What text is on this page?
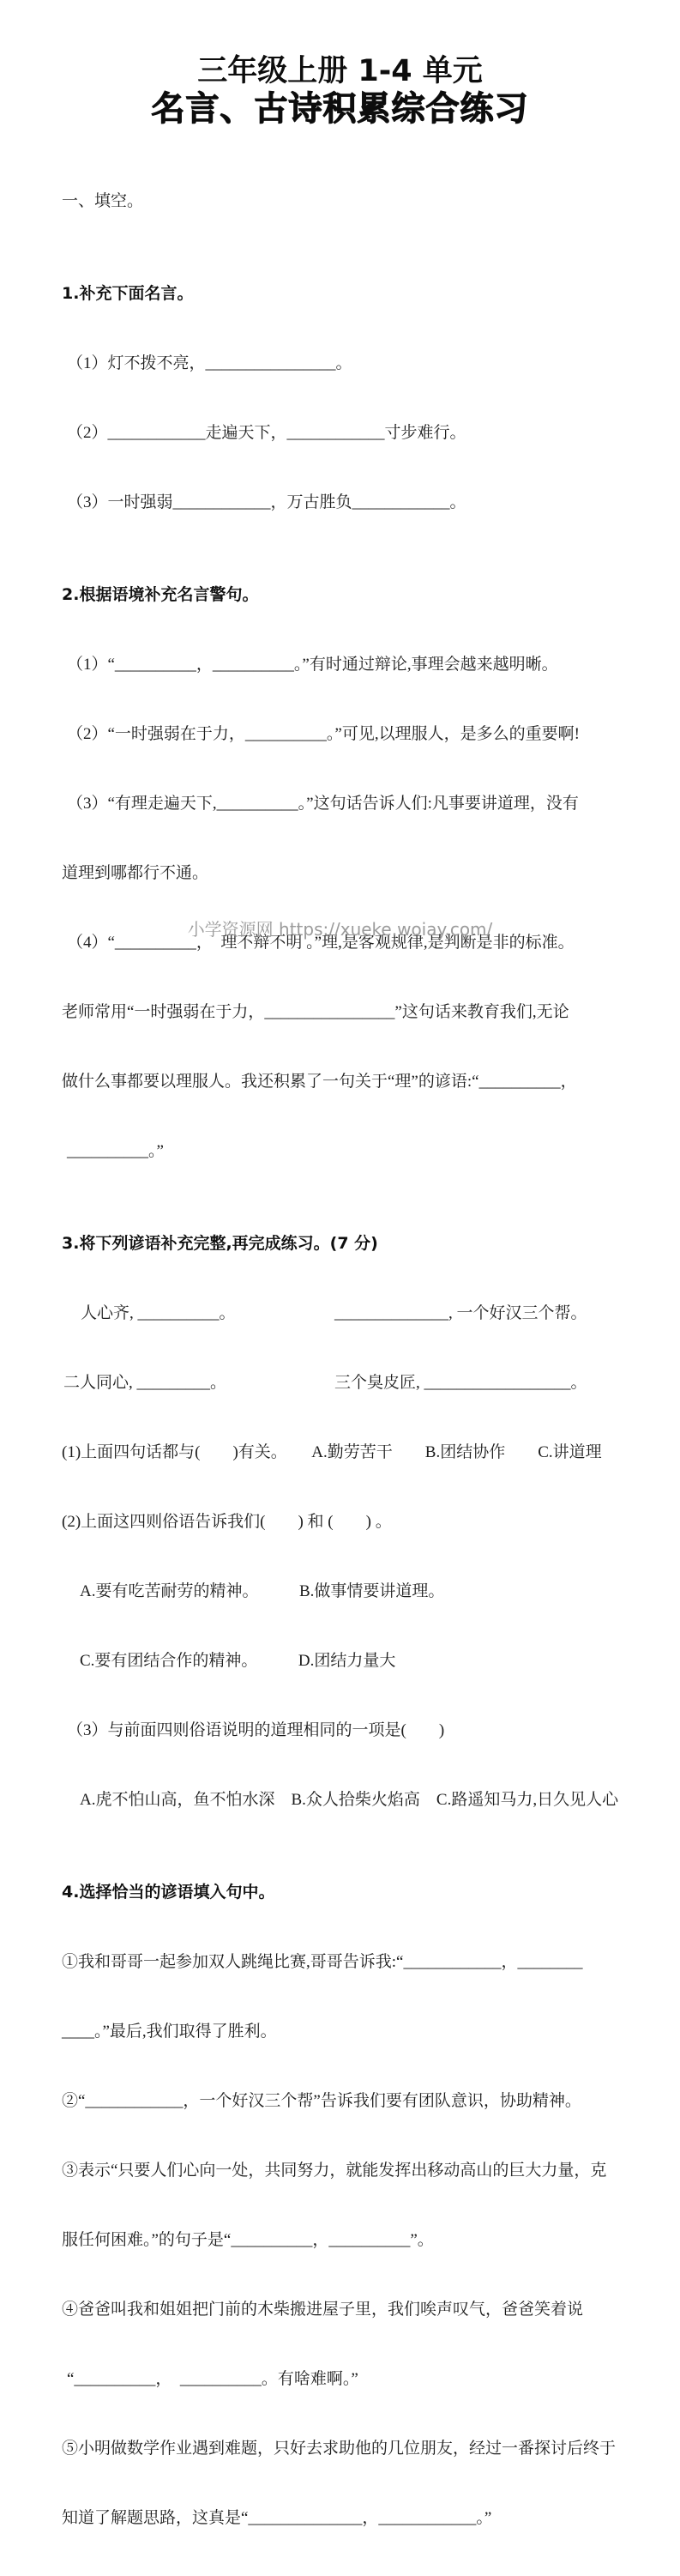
三年级上册 1-4 单元
名言、古诗积累综合练习

一、填空。

1.补充下面名言。

（1）灯不拨不亮，________________。

（2）____________走遍天下，____________寸步难行。

（3）一时强弱____________，万古胜负____________。

2.根据语境补充名言警句。

（1）“__________，__________。”有时通过辩论,事理会越来越明晰。

（2）“一时强弱在于力，__________。”可见,以理服人，是多么的重要啊!

（3）“有理走遍天下,__________。”这句话告诉人们:凡事要讲道理，没有

道理到哪都行不通。

（4）“__________，  理不辩不明 。”理,是客观规律,是判断是非的标准。

老师常用“一时强弱在于力，________________”这句话来教育我们,无论

做什么事都要以理服人。我还积累了一句关于“理”的谚语:“__________，

__________。”

3.将下列谚语补充完整,再完成练习。(7 分)

人心齐, __________。	______________, 一个好汉三个帮。

二人同心, _________。	三个臭皮匠, __________________。

(1)上面四句话都与(　　)有关。　　A.勤劳苦干　　B.团结协作　　C.讲道理

(2)上面这四则俗语告诉我们(　　) 和 (　　) 。

A.要有吃苦耐劳的精神。　　　B.做事情要讲道理。

C.要有团结合作的精神。　　　D.团结力量大

（3）与前面四则俗语说明的道理相同的一项是(　　)

A.虎不怕山高，鱼不怕水深　B.众人拾柴火焰高　C.路遥知马力,日久见人心

4.选择恰当的谚语填入句中。

①我和哥哥一起参加双人跳绳比赛,哥哥告诉我:“____________，________

____。”最后,我们取得了胜利。

②“____________，一个好汉三个帮”告诉我们要有团队意识，协助精神。

③表示“只要人们心向一处，共同努力，就能发挥出移动高山的巨大力量，克

服任何困难。”的句子是“__________，__________”。

④爸爸叫我和姐姐把门前的木柴搬进屋子里，我们唉声叹气，爸爸笑着说

“__________，  __________。有啥难啊。”

⑤小明做数学作业遇到难题，只好去求助他的几位朋友，经过一番探讨后终于

知道了解题思路，这真是“______________，____________。”

小学资源网 https://xueke.woiay.com/
